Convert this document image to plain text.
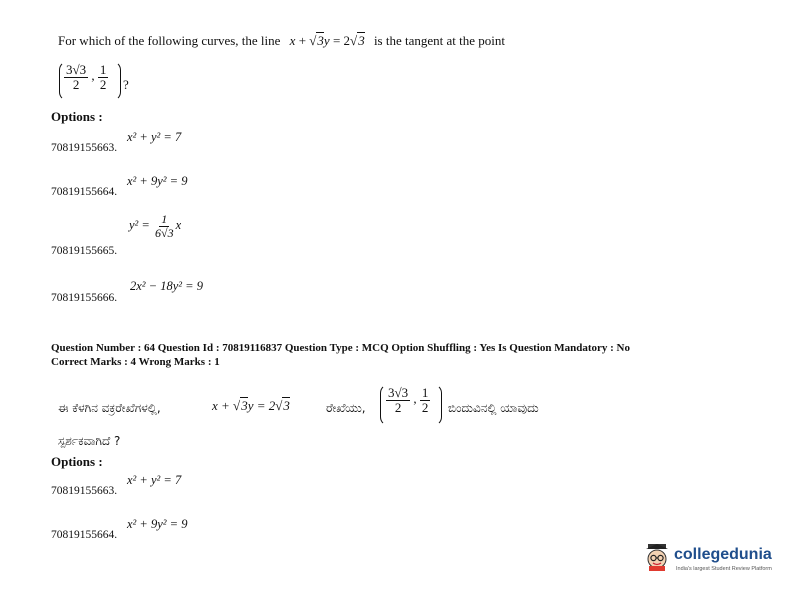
For which of the following curves, the line x + √3y = 2√3 is the tangent at the point
$\frac{3√3}{2}$ , $\frac{1}{2}$ ?
Options :
70819155663.
x² + y² = 7
70819155664.
x² + 9y² = 9
70819155665.
$y^2 = \frac{1}{6√3}$ x
70819155666.
2x² − 18y² = 9
Question Number : 64 Question Id : 70819116837 Question Type : MCQ Option Shuffling : Yes Is Question Mandatory : No
Correct Marks : 4 Wrong Marks : 1
ಈ ಕೆಳಗಿನ ವಕ್ರರೇಖೆಗಳಲ್ಲಿ,	x + √3y = 2√3	ರೇಖೆಯು, $\frac{3√3}{2}$ , $\frac{1}{2}$ ಬಿಂದುವಿನಲ್ಲಿ ಯಾವುದು
ಸ್ಪರ್ಶಕವಾಗಿದೆ ?
Options :
70819155663.
x² + y² = 7
70819155664.
x² + 9y² = 9
collegedunia
India's largest Student Review Platform
